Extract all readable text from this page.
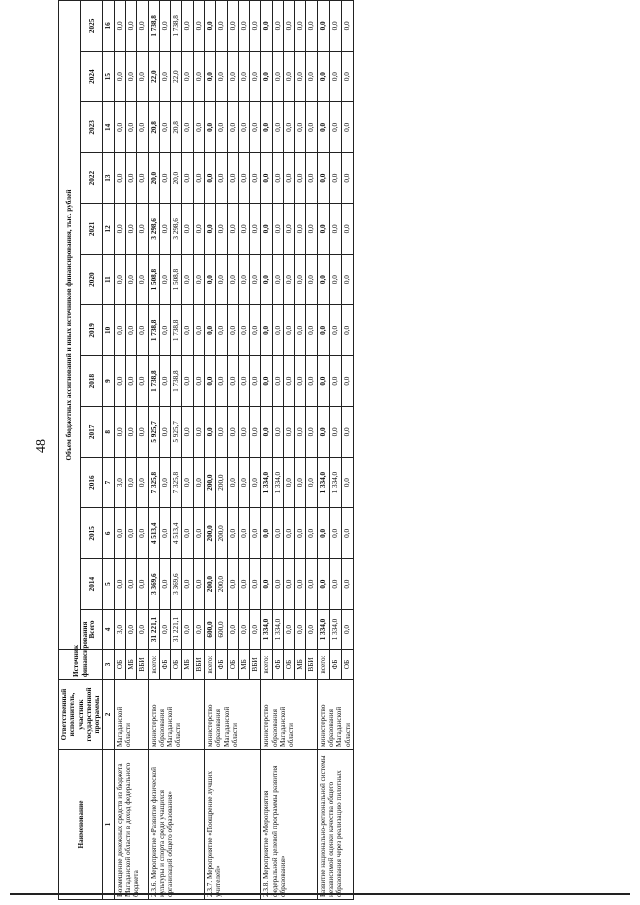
48
Наименование	Ответственный исполнитель, участник государственной программы	Источник финансирования	Объем бюджетных ассигнований и иных источников финансирования, тыс. рублей												
			Всего	2014	2015	2016	2017	2018	2019	2020	2021	2022	2023	2024	2025
1	2	3	4	5	6	7	8	9	10	11	12	13	14	15	16
Возмещение денежных средств из бюджета Магаданской области в доход федерального бюджета	Магаданской области	ОБ	3,0	0,0	0,0	3,0	0,0	0,0	0,0	0,0	0,0	0,0	0,0	0,0	0,0
		МБ	0,0	0,0	0,0	0,0	0,0	0,0	0,0	0,0	0,0	0,0	0,0	0,0	0,0
		ВБИ	0,0	0,0	0,0	0,0	0,0	0,0	0,0	0,0	0,0	0,0	0,0	0,0	0,0
2.3.6. Мероприятие «Развитие физической культуры и спорта среди учащихся организаций общего образования»	министерство образования Магаданской области	всего:	31 221,1	3 369,6	4 513,4	7 325,8	5 925,7	1 738,8	1 738,8	1 508,8	3 298,6	20,0	20,8	22,0	1 738,8
		ФБ	0,0	0,0	0,0	0,0	0,0	0,0	0,0	0,0	0,0	0,0	0,0	0,0	0,0
		ОБ	31 221,1	3 369,6	4 513,4	7 325,8	5 925,7	1 738,8	1 738,8	1 508,8	3 298,6	20,0	20,8	22,0	1 738,8
		МБ	0,0	0,0	0,0	0,0	0,0	0,0	0,0	0,0	0,0	0,0	0,0	0,0	0,0
		ВБИ	0,0	0,0	0,0	0,0	0,0	0,0	0,0	0,0	0,0	0,0	0,0	0,0	0,0
2.3.7. Мероприятие «Поощрение лучших учителей»	министерство образования Магаданской области	всего:	600,0	200,0	200,0	200,0	0,0	0,0	0,0	0,0	0,0	0,0	0,0	0,0	0,0
		ФБ	600,0	200,0	200,0	200,0	0,0	0,0	0,0	0,0	0,0	0,0	0,0	0,0	0,0
		ОБ	0,0	0,0	0,0	0,0	0,0	0,0	0,0	0,0	0,0	0,0	0,0	0,0	0,0
		МБ	0,0	0,0	0,0	0,0	0,0	0,0	0,0	0,0	0,0	0,0	0,0	0,0	0,0
		ВБИ	0,0	0,0	0,0	0,0	0,0	0,0	0,0	0,0	0,0	0,0	0,0	0,0	0,0
2.3.8. Мероприятие «Мероприятия федеральной целевой программы развития образования»	министерство образования Магаданской области	всего:	1 334,0	0,0	0,0	1 334,0	0,0	0,0	0,0	0,0	0,0	0,0	0,0	0,0	0,0
		ФБ	1 334,0	0,0	0,0	1 334,0	0,0	0,0	0,0	0,0	0,0	0,0	0,0	0,0	0,0
		ОБ	0,0	0,0	0,0	0,0	0,0	0,0	0,0	0,0	0,0	0,0	0,0	0,0	0,0
		МБ	0,0	0,0	0,0	0,0	0,0	0,0	0,0	0,0	0,0	0,0	0,0	0,0	0,0
		ВБИ	0,0	0,0	0,0	0,0	0,0	0,0	0,0	0,0	0,0	0,0	0,0	0,0	0,0
Развитие национально-региональной системы независимой оценки качества общего образования через реализацию пилотных	министерство образования Магаданской области	всего:	1 334,0	0,0	0,0	1 334,0	0,0	0,0	0,0	0,0	0,0	0,0	0,0	0,0	0,0
		ФБ	1 334,0	0,0	0,0	1 334,0	0,0	0,0	0,0	0,0	0,0	0,0	0,0	0,0	0,0
		ОБ	0,0	0,0	0,0	0,0	0,0	0,0	0,0	0,0	0,0	0,0	0,0	0,0	0,0
